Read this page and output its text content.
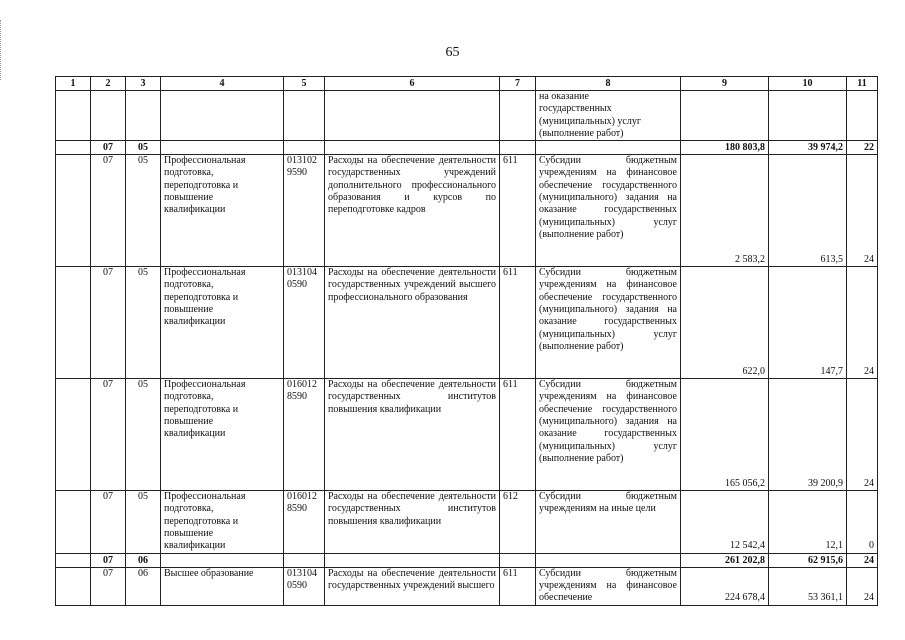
65
1	2	3	4	5	6	7	8	9	10	11

							на оказание
государственных
(муниципальных) услуг
(выполнение работ)			

	07	05						180 803,8	39 974,2	22
	07	05	Профессиональная
подготовка,
переподготовка и
повышение
квалификации	013102
9590	Расходы на обеспечение деятельности государственных учреждений дополнительного профессионального образования и курсов по переподготовке кадров	611	Субсидии бюджетным учреждениям на финансовое обеспечение государственного (муниципального) задания на оказание государственных (муниципальных) услуг (выполнение работ)	2 583,2	613,5	24
	07	05	Профессиональная
подготовка,
переподготовка и
повышение
квалификации	013104
0590	Расходы на обеспечение деятельности государственных учреждений высшего профессионального образования	611	Субсидии бюджетным учреждениям на финансовое обеспечение государственного (муниципального) задания на оказание государственных (муниципальных) услуг (выполнение работ)	622,0	147,7	24
	07	05	Профессиональная
подготовка,
переподготовка и
повышение
квалификации	016012
8590	Расходы на обеспечение деятельности государственных институтов повышения квалификации	611	Субсидии бюджетным учреждениям на финансовое обеспечение государственного (муниципального) задания на оказание государственных (муниципальных) услуг (выполнение работ)	165 056,2	39 200,9	24
	07	05	Профессиональная
подготовка,
переподготовка и
повышение
квалификации	016012
8590	Расходы на обеспечение деятельности государственных институтов повышения квалификации	612	Субсидии бюджетным учреждениям на иные цели	12 542,4	12,1	0
	07	06						261 202,8	62 915,6	24
	07	06	Высшее образование	013104
0590	Расходы на обеспечение деятельности государственных учреждений высшего	611	Субсидии бюджетным учреждениям на финансовое обеспечение	224 678,4	53 361,1	24
